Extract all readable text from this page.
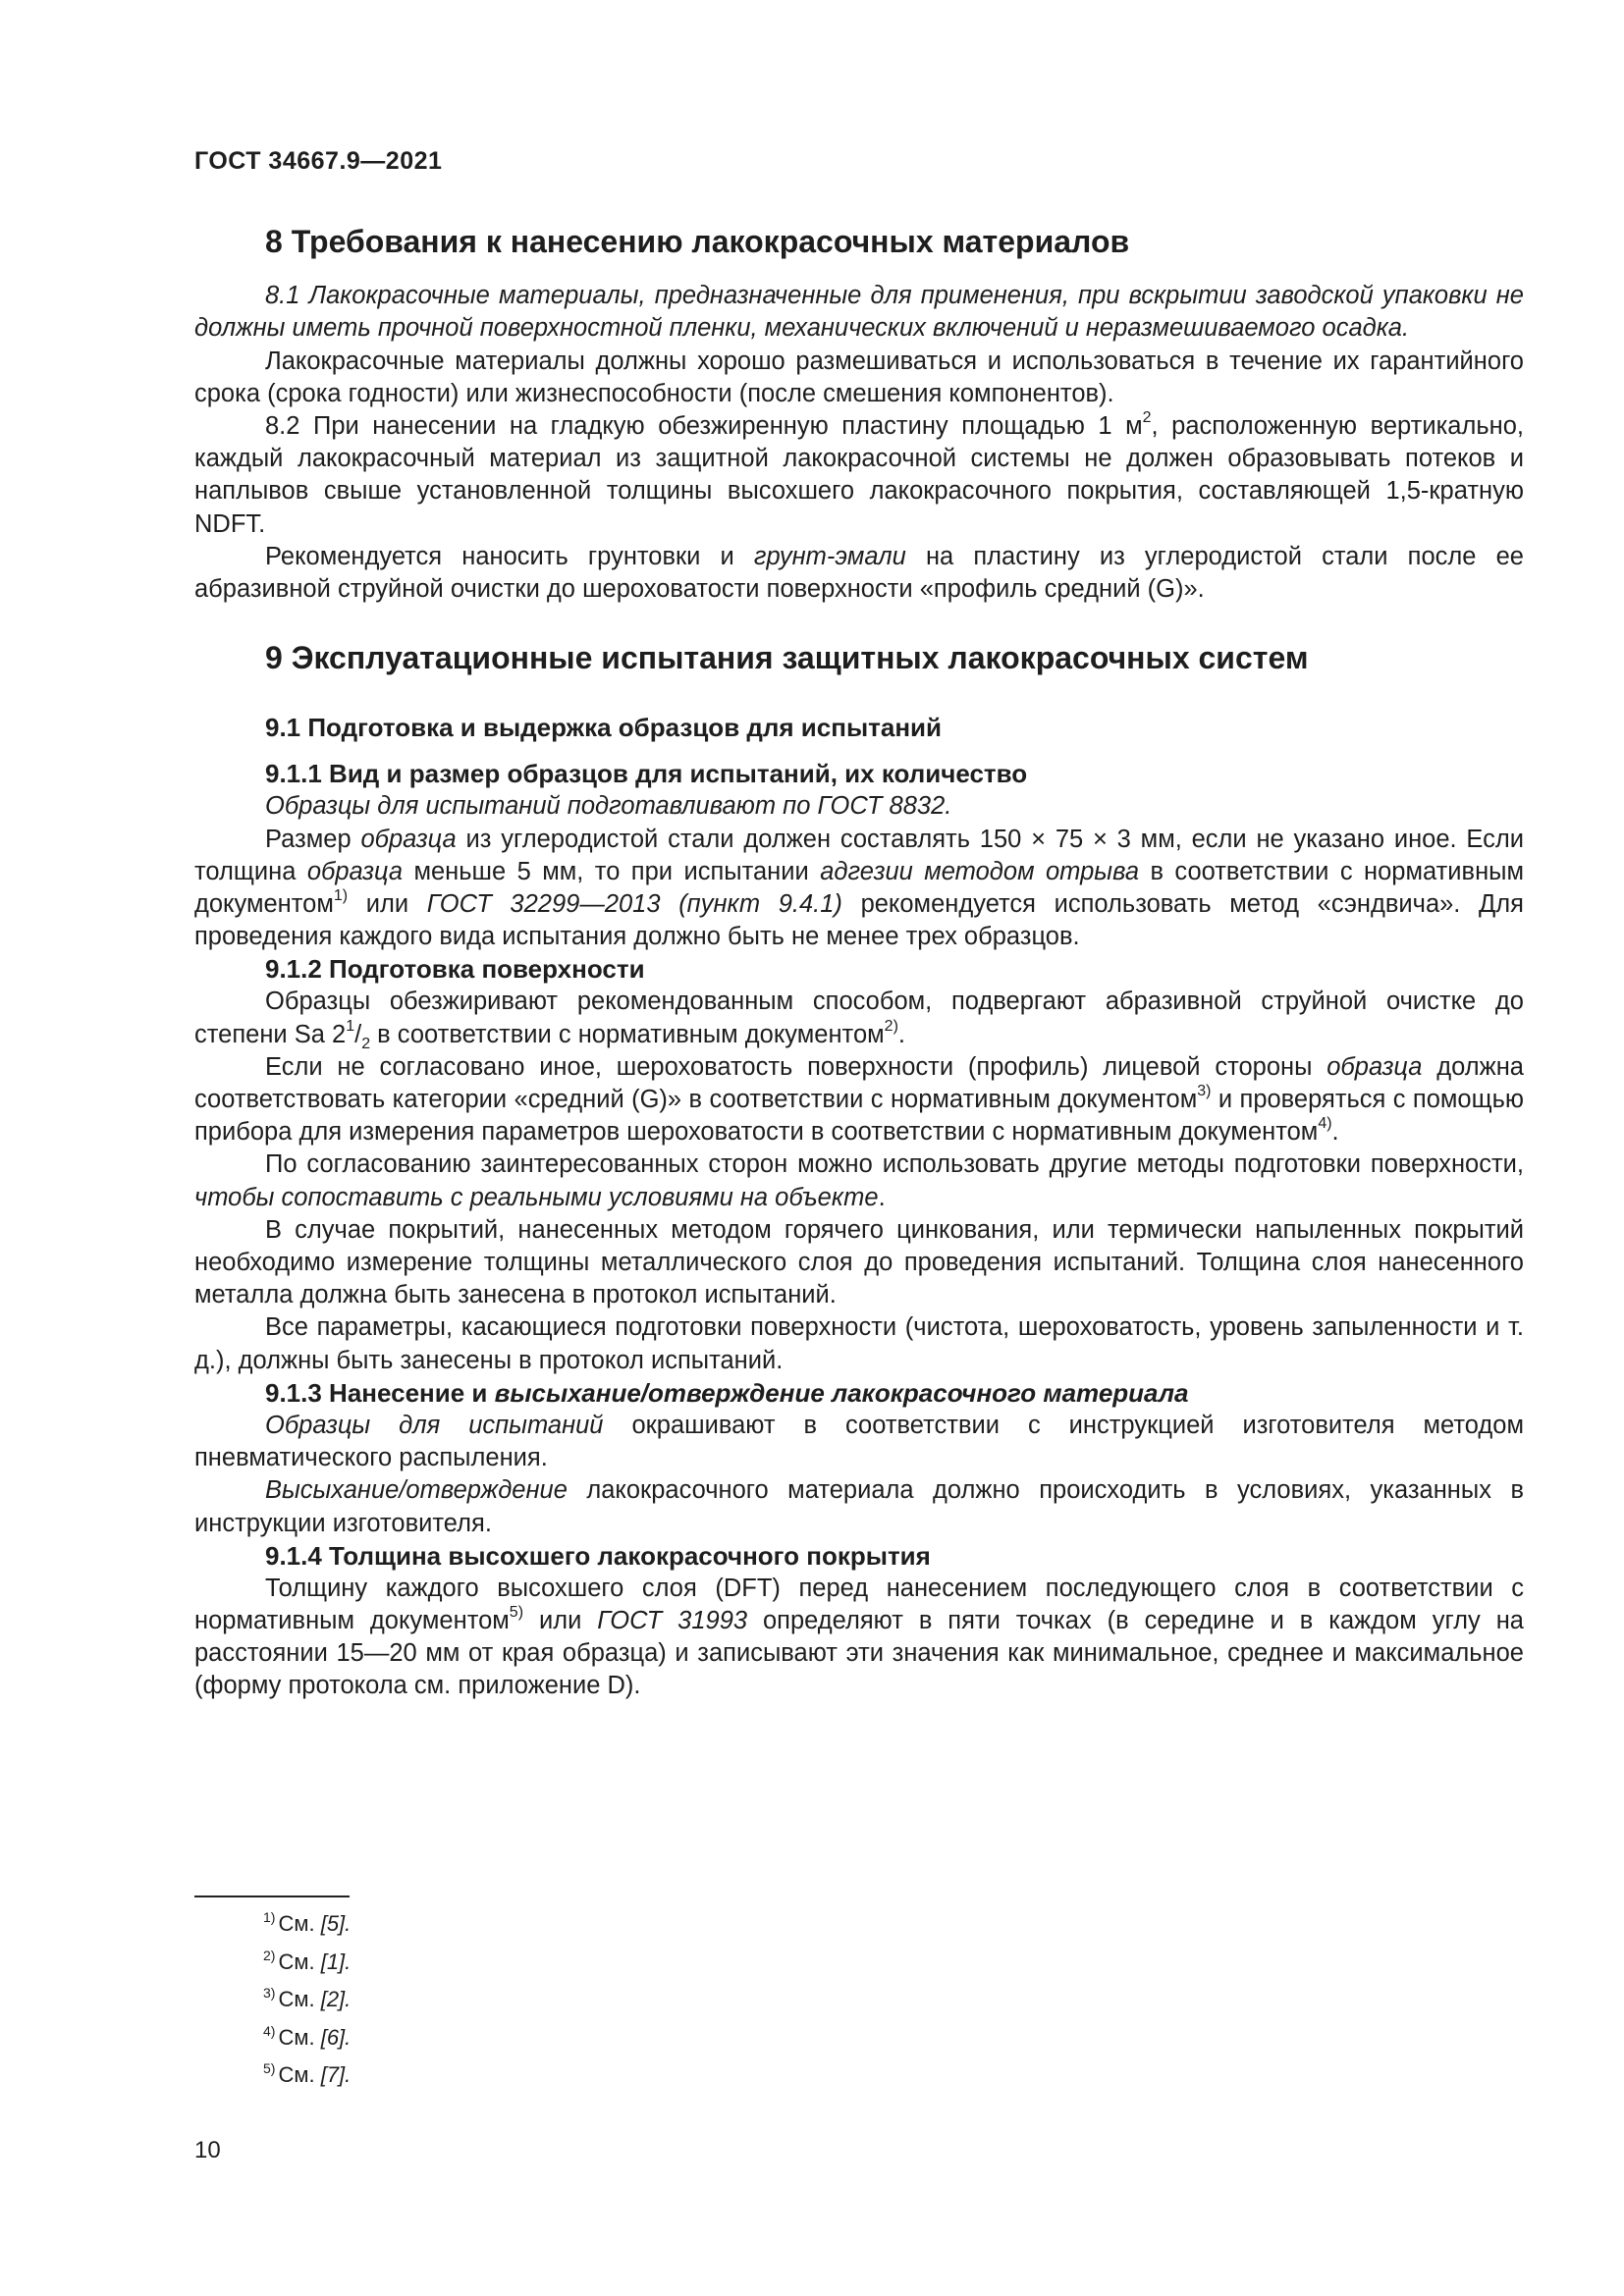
ГОСТ 34667.9—2021
8 Требования к нанесению лакокрасочных материалов

8.1 Лакокрасочные материалы, предназначенные для применения, при вскрытии заводской упаковки не должны иметь прочной поверхностной пленки, механических включений и неразмешиваемого осадка.

Лакокрасочные материалы должны хорошо размешиваться и использоваться в течение их гарантийного срока (срока годности) или жизнеспособности (после смешения компонентов).

8.2 При нанесении на гладкую обезжиренную пластину площадью 1 $м^2$, расположенную вертикально, каждый лакокрасочный материал из защитной лакокрасочной системы не должен образовывать потеков и наплывов свыше установленной толщины высохшего лакокрасочного покрытия, составляющей 1,5-кратную NDFT.

Рекомендуется наносить грунтовки и грунт-эмали на пластину из углеродистой стали после ее абразивной струйной очистки до шероховатости поверхности «профиль средний (G)».

9 Эксплуатационные испытания защитных лакокрасочных систем
9.1 Подготовка и выдержка образцов для испытаний
9.1.1 Вид и размер образцов для испытаний, их количество

Образцы для испытаний подготавливают по ГОСТ 8832.

Размер образца из углеродистой стали должен составлять 150 × 75 × 3 мм, если не указано иное. Если толщина образца меньше 5 мм, то при испытании адгезии методом отрыва в соответствии с нормативным документом$^{1)}$ или ГОСТ 32299—2013 (пункт 9.4.1) рекомендуется использовать метод «сэндвича». Для проведения каждого вида испытания должно быть не менее трех образцов.

9.1.2 Подготовка поверхности

Образцы обезжиривают рекомендованным способом, подвергают абразивной струйной очистке до степени Sa $2^1/_2$ в соответствии с нормативным документом$^{2)}$.

Если не согласовано иное, шероховатость поверхности (профиль) лицевой стороны образца должна соответствовать категории «средний (G)» в соответствии с нормативным документом$^{3)}$ и проверяться с помощью прибора для измерения параметров шероховатости в соответствии с нормативным документом$^{4)}$.

По согласованию заинтересованных сторон можно использовать другие методы подготовки поверхности, чтобы сопоставить с реальными условиями на объекте.

В случае покрытий, нанесенных методом горячего цинкования, или термически напыленных покрытий необходимо измерение толщины металлического слоя до проведения испытаний. Толщина слоя нанесенного металла должна быть занесена в протокол испытаний.

Все параметры, касающиеся подготовки поверхности (чистота, шероховатость, уровень запыленности и т. д.), должны быть занесены в протокол испытаний.

9.1.3 Нанесение и высыхание/отверждение лакокрасочного материала

Образцы для испытаний окрашивают в соответствии с инструкцией изготовителя методом пневматического распыления.

Высыхание/отверждение лакокрасочного материала должно происходить в условиях, указанных в инструкции изготовителя.

9.1.4 Толщина высохшего лакокрасочного покрытия

Толщину каждого высохшего слоя (DFT) перед нанесением последующего слоя в соответствии с нормативным документом$^{5)}$ или ГОСТ 31993 определяют в пяти точках (в середине и в каждом углу на расстоянии 15—20 мм от края образца) и записывают эти значения как минимальное, среднее и максимальное (форму протокола см. приложение D).

$^{1)}$ См. [5].
$^{2)}$ См. [1].
$^{3)}$ См. [2].
$^{4)}$ См. [6].
$^{5)}$ См. [7].
10
